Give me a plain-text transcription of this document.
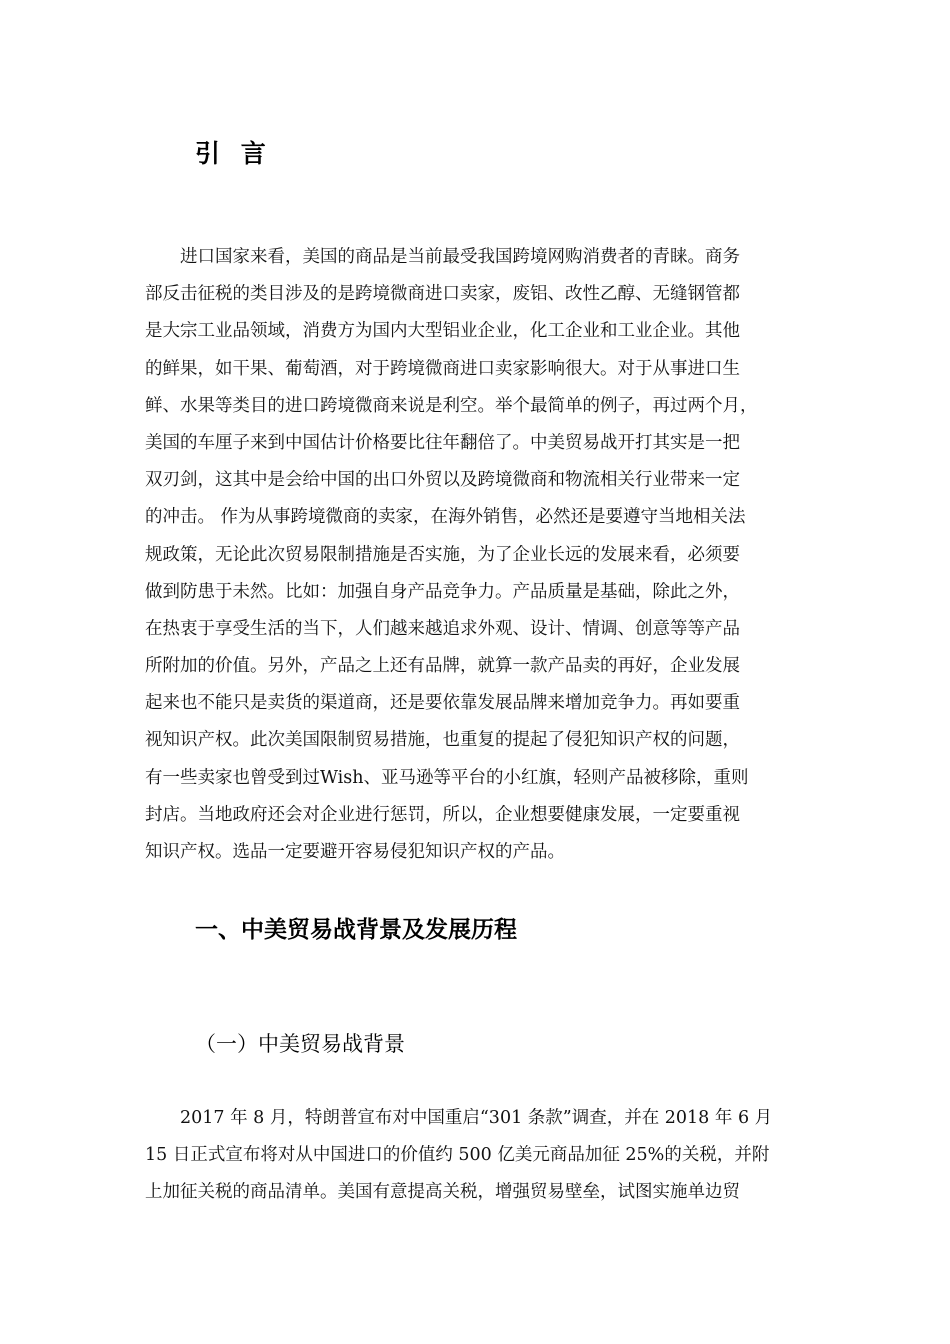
引 言
　　进口国家来看，美国的商品是当前最受我国跨境网购消费者的青睐。商务
部反击征税的类目涉及的是跨境微商进口卖家，废铝、改性乙醇、无缝钢管都
是大宗工业品领域，消费方为国内大型铝业企业，化工企业和工业企业。其他
的鲜果，如干果、葡萄酒，对于跨境微商进口卖家影响很大。对于从事进口生
鲜、水果等类目的进口跨境微商来说是利空。举个最简单的例子，再过两个月，
美国的车厘子来到中国估计价格要比往年翻倍了。中美贸易战开打其实是一把
双刃剑，这其中是会给中国的出口外贸以及跨境微商和物流相关行业带来一定
的冲击。 作为从事跨境微商的卖家，在海外销售，必然还是要遵守当地相关法
规政策，无论此次贸易限制措施是否实施，为了企业长远的发展来看，必须要
做到防患于未然。比如：加强自身产品竞争力。产品质量是基础，除此之外，
在热衷于享受生活的当下，人们越来越追求外观、设计、情调、创意等等产品
所附加的价值。另外，产品之上还有品牌，就算一款产品卖的再好，企业发展
起来也不能只是卖货的渠道商，还是要依靠发展品牌来增加竞争力。再如要重
视知识产权。此次美国限制贸易措施，也重复的提起了侵犯知识产权的问题，
有一些卖家也曾受到过Wish、亚马逊等平台的小红旗，轻则产品被移除，重则
封店。当地政府还会对企业进行惩罚，所以，企业想要健康发展，一定要重视
知识产权。选品一定要避开容易侵犯知识产权的产品。
一、中美贸易战背景及发展历程
（一）中美贸易战背景
　　2017 年 8 月，特朗普宣布对中国重启“301 条款”调查，并在 2018 年 6 月
15 日正式宣布将对从中国进口的价值约 500 亿美元商品加征 25%的关税，并附
上加征关税的商品清单。美国有意提高关税，增强贸易壁垒，试图实施单边贸
